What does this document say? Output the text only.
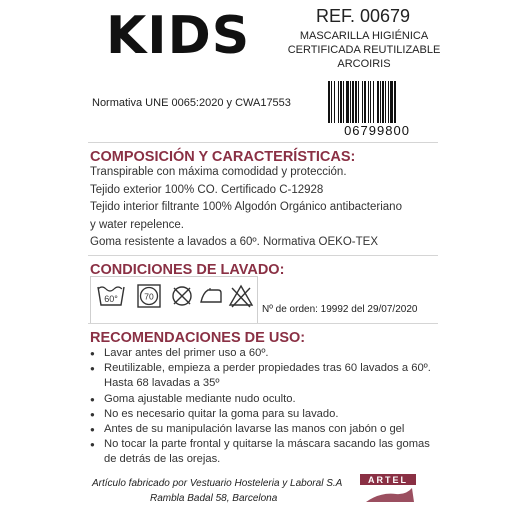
KIDS	REF. 00679
MASCARILLA HIGIÉNICA
CERTIFICADA REUTILIZABLE
ARCOIRIS
06799800
Normativa UNE 0065:2020 y CWA17553
COMPOSICIÓN Y CARACTERÍSTICAS:
Transpirable con máxima comodidad y protección.
Tejido exterior 100% CO. Certificado C-12928
Tejido interior filtrante 100% Algodón Orgánico antibacteriano
y water repelence.
Goma resistente a lavados a 60º. Normativa OEKO-TEX
CONDICIONES DE LAVADO:
60°	70
Nº de orden: 19992 del 29/07/2020
RECOMENDACIONES DE USO:
● Lavar antes del primer uso a 60º.
● Reutilizable, empieza a perder propiedades tras 60 lavados a 60º. Hasta 68 lavadas a 35º
● Goma ajustable mediante nudo oculto.
● No es necesario quitar la goma para su lavado.
● Antes de su manipulación lavarse las manos con jabón o gel
● No tocar la parte frontal y quitarse la máscara sacando las gomas de detrás de las orejas.
Artículo fabricado por Vestuario Hosteleria y Laboral S.A
Rambla Badal 58, Barcelona
ARTEL
